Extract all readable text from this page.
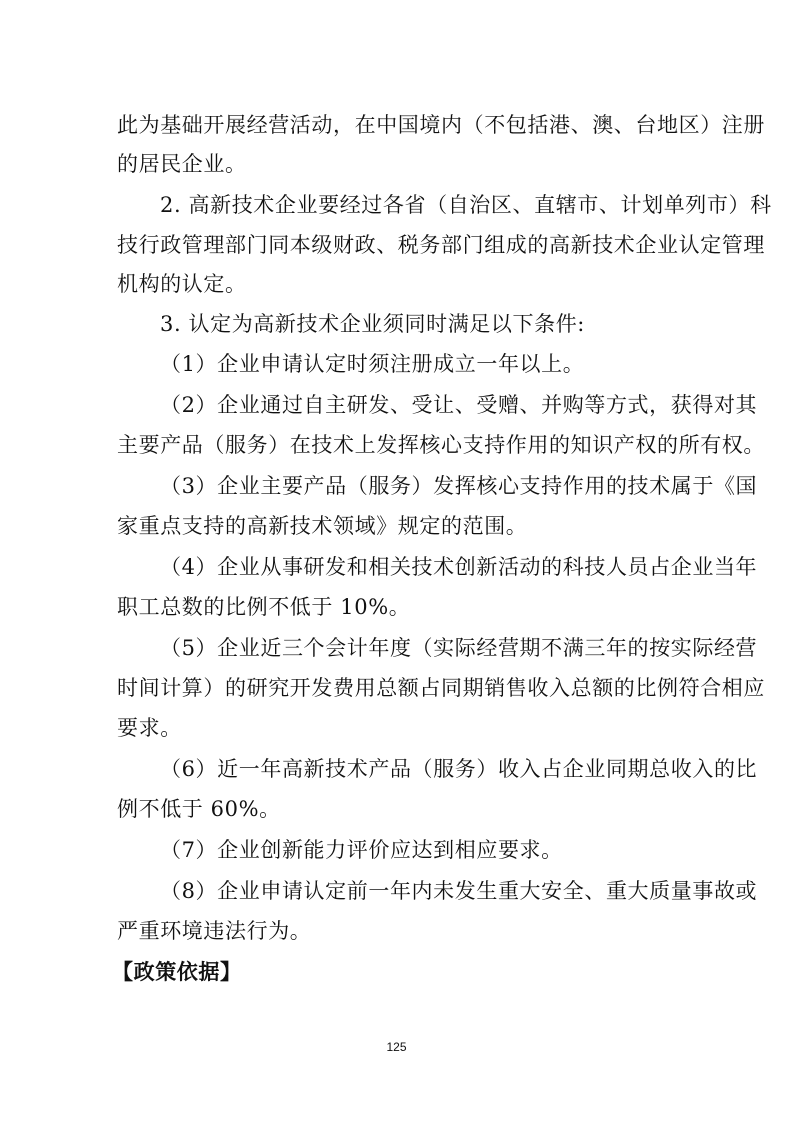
此为基础开展经营活动，在中国境内（不包括港、澳、台地区）注册
的居民企业。
2. 高新技术企业要经过各省（自治区、直辖市、计划单列市）科
技行政管理部门同本级财政、税务部门组成的高新技术企业认定管理
机构的认定。
3. 认定为高新技术企业须同时满足以下条件:
（1）企业申请认定时须注册成立一年以上。
（2）企业通过自主研发、受让、受赠、并购等方式，获得对其
主要产品（服务）在技术上发挥核心支持作用的知识产权的所有权。
（3）企业主要产品（服务）发挥核心支持作用的技术属于《国
家重点支持的高新技术领域》规定的范围。
（4）企业从事研发和相关技术创新活动的科技人员占企业当年
职工总数的比例不低于 10%。
（5）企业近三个会计年度（实际经营期不满三年的按实际经营
时间计算）的研究开发费用总额占同期销售收入总额的比例符合相应
要求。
（6）近一年高新技术产品（服务）收入占企业同期总收入的比
例不低于 60%。
（7）企业创新能力评价应达到相应要求。
（8）企业申请认定前一年内未发生重大安全、重大质量事故或
严重环境违法行为。
【政策依据】
125
